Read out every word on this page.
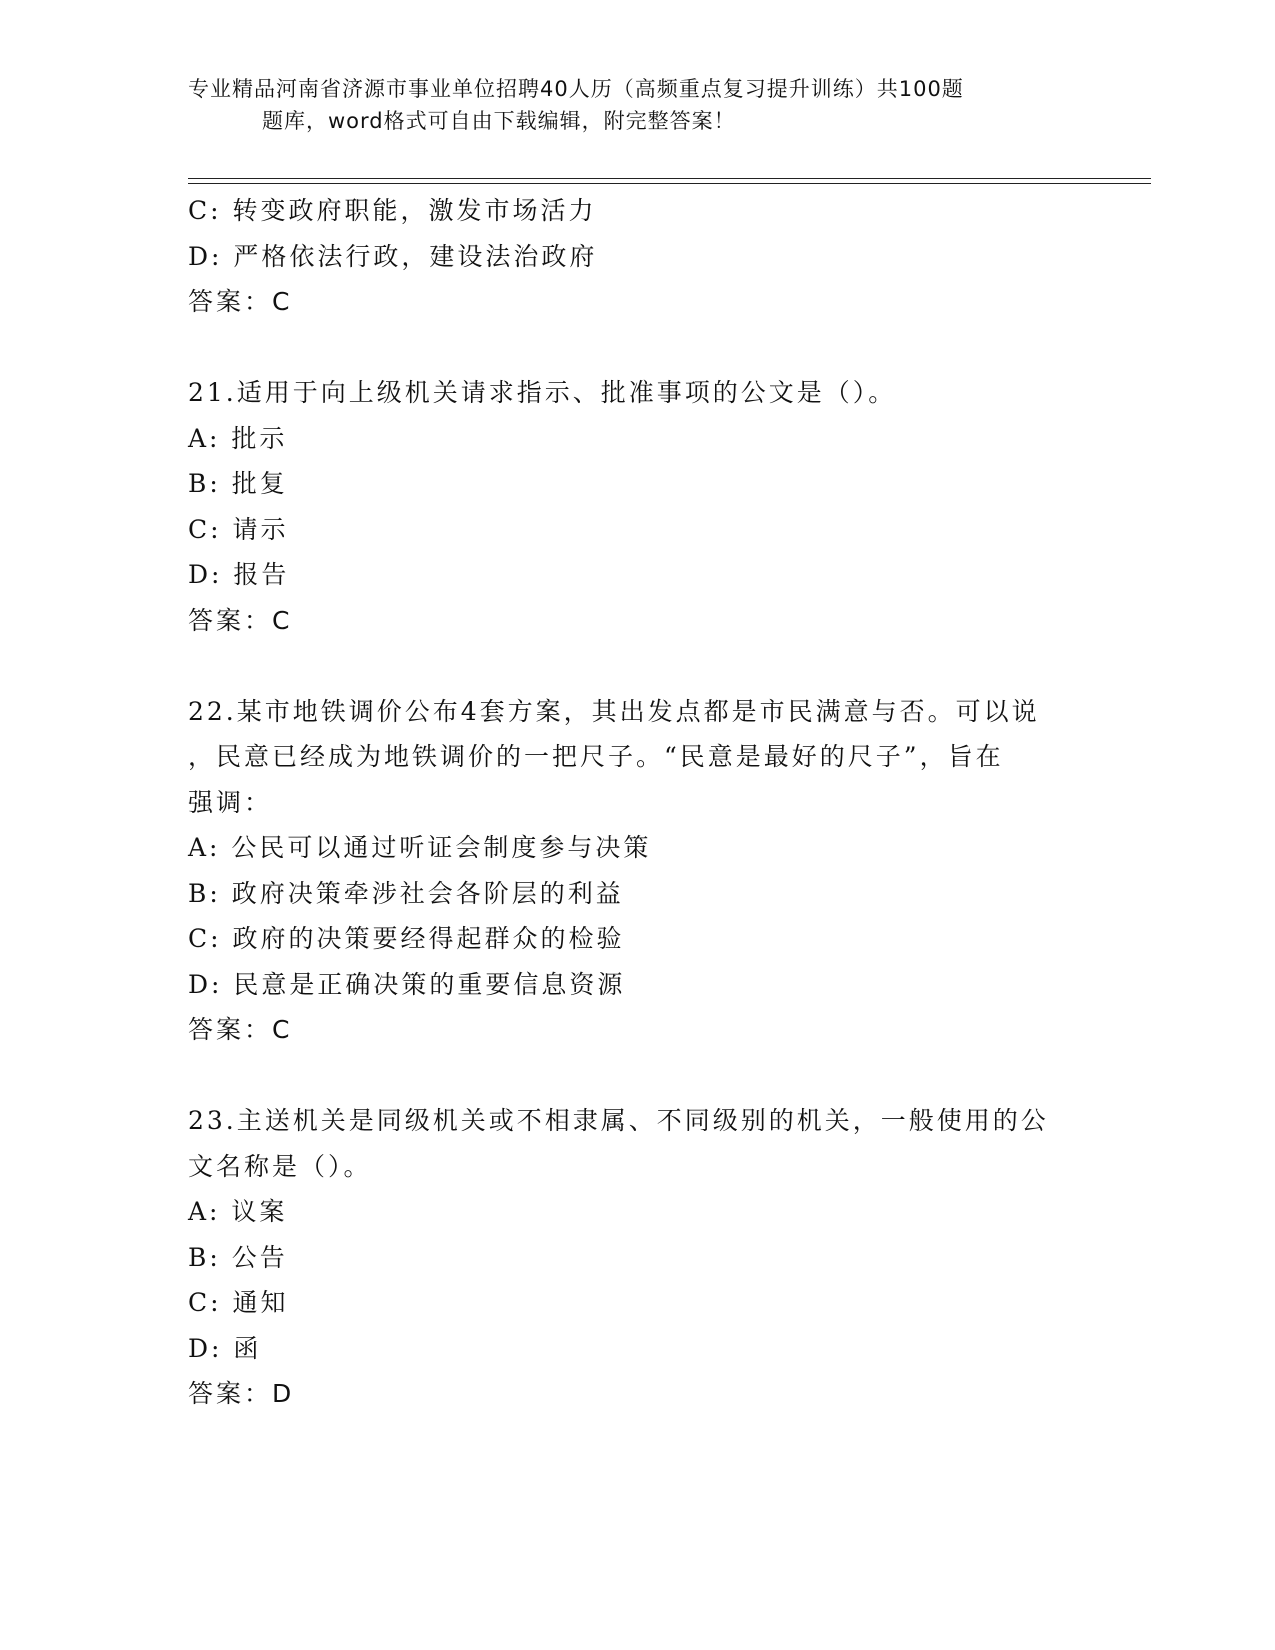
专业精品河南省济源市事业单位招聘40人历（高频重点复习提升训练）共100题
题库，word格式可自由下载编辑，附完整答案！
C: 转变政府职能，激发市场活力
D: 严格依法行政，建设法治政府
答案：C
21.适用于向上级机关请求指示、批准事项的公文是（）。
A: 批示
B: 批复
C: 请示
D: 报告
答案：C
22.某市地铁调价公布4套方案，其出发点都是市民满意与否。可以说
，民意已经成为地铁调价的一把尺子。“民意是最好的尺子”，旨在
强调：
A: 公民可以通过听证会制度参与决策
B: 政府决策牵涉社会各阶层的利益
C: 政府的决策要经得起群众的检验
D: 民意是正确决策的重要信息资源
答案：C
23.主送机关是同级机关或不相隶属、不同级别的机关，一般使用的公
文名称是（）。
A: 议案
B: 公告
C: 通知
D: 函
答案：D
